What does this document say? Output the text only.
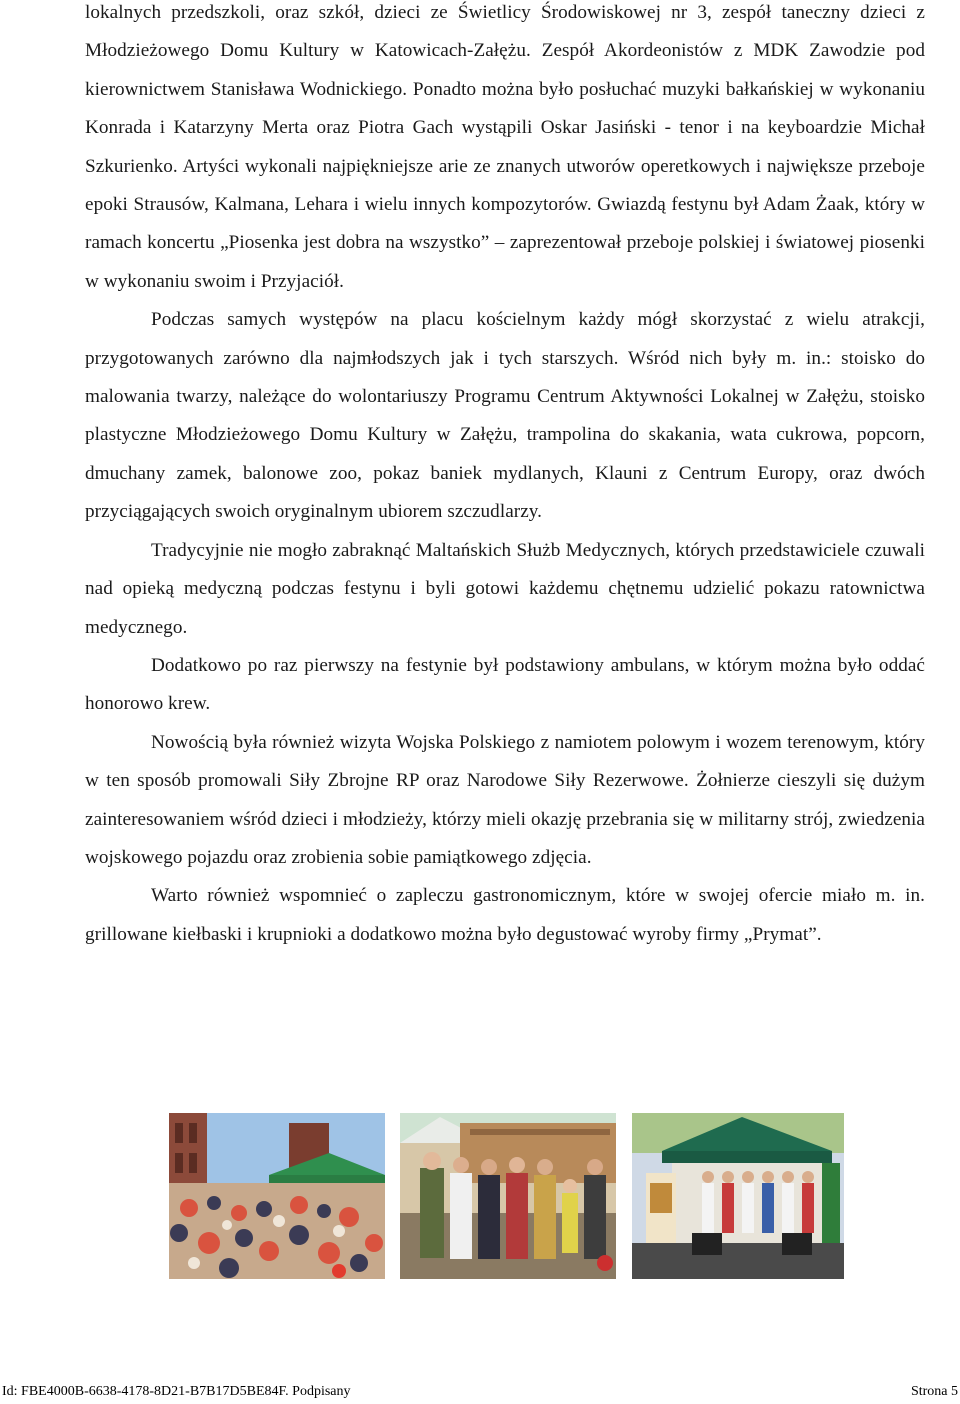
lokalnych przedszkoli, oraz szkół, dzieci ze Świetlicy Środowiskowej nr 3, zespół taneczny dzieci z Młodzieżowego Domu Kultury w Katowicach-Załężu. Zespół Akordeonistów z MDK Zawodzie pod kierownictwem Stanisława Wodnickiego. Ponadto można było posłuchać muzyki bałkańskiej w wykonaniu Konrada i Katarzyny Merta oraz Piotra Gach wystąpili Oskar Jasiński - tenor i na keyboardzie Michał Szkurienko. Artyści wykonali najpiękniejsze arie ze znanych utworów operetkowych i największe przeboje epoki Strausów, Kalmana, Lehara i wielu innych kompozytorów. Gwiazdą festynu był Adam Żaak, który w ramach koncertu „Piosenka jest dobra na wszystko” – zaprezentował przeboje polskiej i światowej piosenki w wykonaniu swoim i Przyjaciół.

Podczas samych występów na placu kościelnym każdy mógł skorzystać z wielu atrakcji, przygotowanych zarówno dla najmłodszych jak i tych starszych. Wśród nich były m. in.: stoisko do malowania twarzy, należące do wolontariuszy Programu Centrum Aktywności Lokalnej w Załężu, stoisko plastyczne Młodzieżowego Domu Kultury w Załężu, trampolina do skakania, wata cukrowa, popcorn, dmuchany zamek, balonowe zoo, pokaz baniek mydlanych, Klauni z Centrum Europy, oraz dwóch przyciągających swoich oryginalnym ubiorem szczudlarzy.

Tradycyjnie nie mogło zabraknąć Maltańskich Służb Medycznych, których przedstawiciele czuwali nad opieką medyczną podczas festynu i byli gotowi każdemu chętnemu udzielić pokazu ratownictwa medycznego.

Dodatkowo po raz pierwszy na festynie był podstawiony ambulans, w którym można było oddać honorowo krew.

Nowością była również wizyta Wojska Polskiego z namiotem polowym i wozem terenowym, który w ten sposób promowali Siły Zbrojne RP oraz Narodowe Siły Rezerwowe. Żołnierze cieszyli się dużym zainteresowaniem wśród dzieci i młodzieży, którzy mieli okazję przebrania się w militarny strój, zwiedzenia wojskowego pojazdu oraz zrobienia sobie pamiątkowego zdjęcia.

Warto również wspomnieć o zapleczu gastronomicznym, które w swojej ofercie miało m. in. grillowane kiełbaski i krupnioki a dodatkowo można było degustować wyroby firmy „Prymat”.

Id: FBE4000B-6638-4178-8D21-B7B17D5BE84F. Podpisany	Strona 5
